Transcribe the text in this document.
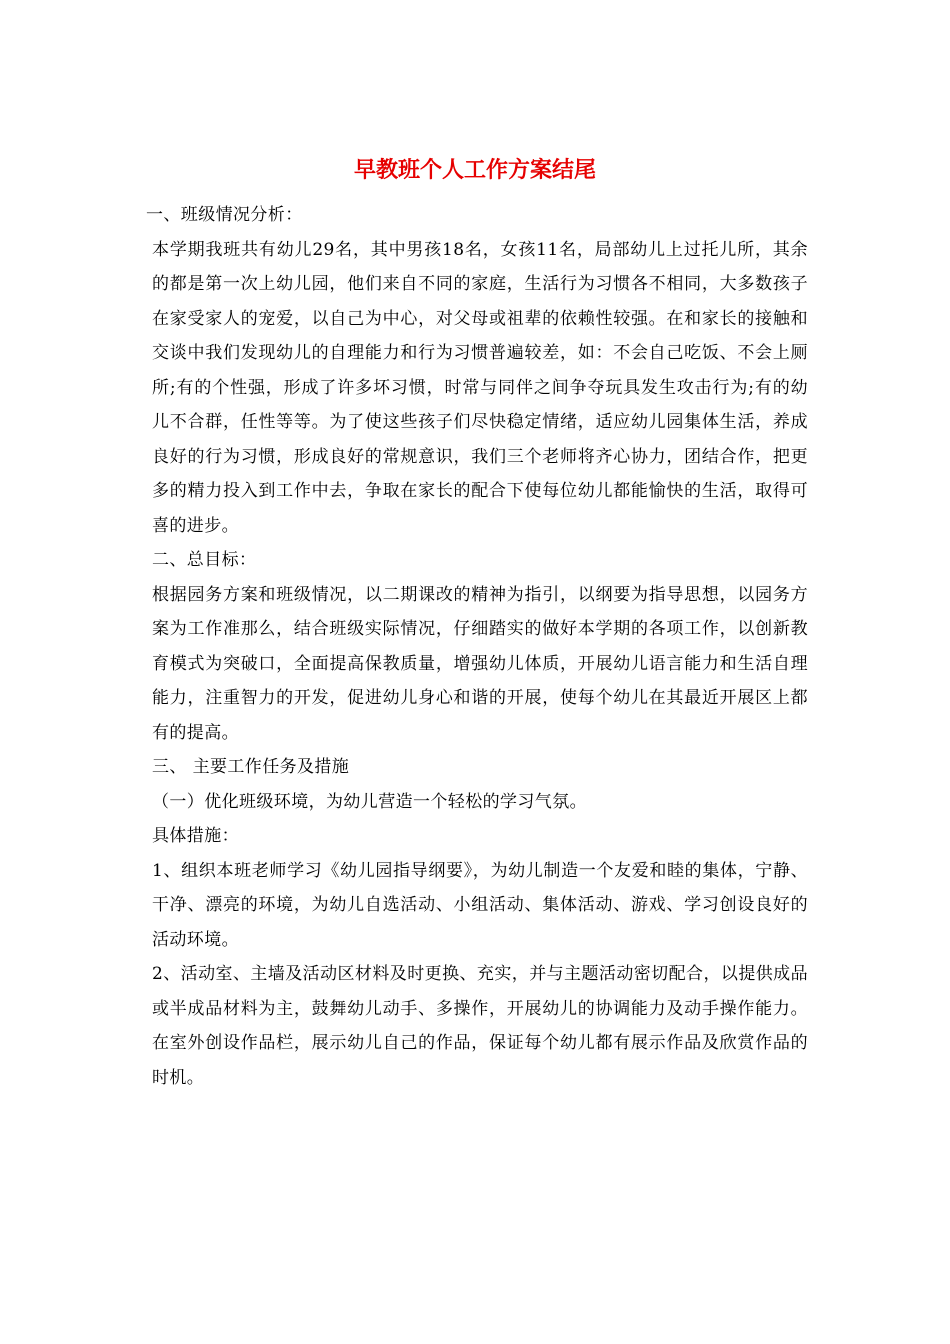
早教班个人工作方案结尾

一、班级情况分析：

本学期我班共有幼儿29名，其中男孩18名，女孩11名，局部幼儿上过托儿所，其余的都是第一次上幼儿园，他们来自不同的家庭，生活行为习惯各不相同，大多数孩子在家受家人的宠爱，以自己为中心，对父母或祖辈的依赖性较强。在和家长的接触和交谈中我们发现幼儿的自理能力和行为习惯普遍较差，如：不会自己吃饭、不会上厕所;有的个性强，形成了许多坏习惯，时常与同伴之间争夺玩具发生攻击行为;有的幼儿不合群，任性等等。为了使这些孩子们尽快稳定情绪，适应幼儿园集体生活，养成良好的行为习惯，形成良好的常规意识，我们三个老师将齐心协力，团结合作，把更多的精力投入到工作中去，争取在家长的配合下使每位幼儿都能愉快的生活，取得可喜的进步。

二、总目标：

根据园务方案和班级情况，以二期课改的精神为指引，以纲要为指导思想，以园务方案为工作准那么，结合班级实际情况，仔细踏实的做好本学期的各项工作，以创新教育模式为突破口，全面提高保教质量，增强幼儿体质，开展幼儿语言能力和生活自理能力，注重智力的开发，促进幼儿身心和谐的开展，使每个幼儿在其最近开展区上都有的提高。

三、 主要工作任务及措施

（一）优化班级环境，为幼儿营造一个轻松的学习气氛。

具体措施：

1、组织本班老师学习《幼儿园指导纲要》，为幼儿制造一个友爱和睦的集体，宁静、干净、漂亮的环境，为幼儿自选活动、小组活动、集体活动、游戏、学习创设良好的活动环境。

2、活动室、主墙及活动区材料及时更换、充实，并与主题活动密切配合，以提供成品或半成品材料为主，鼓舞幼儿动手、多操作，开展幼儿的协调能力及动手操作能力。在室外创设作品栏，展示幼儿自己的作品，保证每个幼儿都有展示作品及欣赏作品的时机。
